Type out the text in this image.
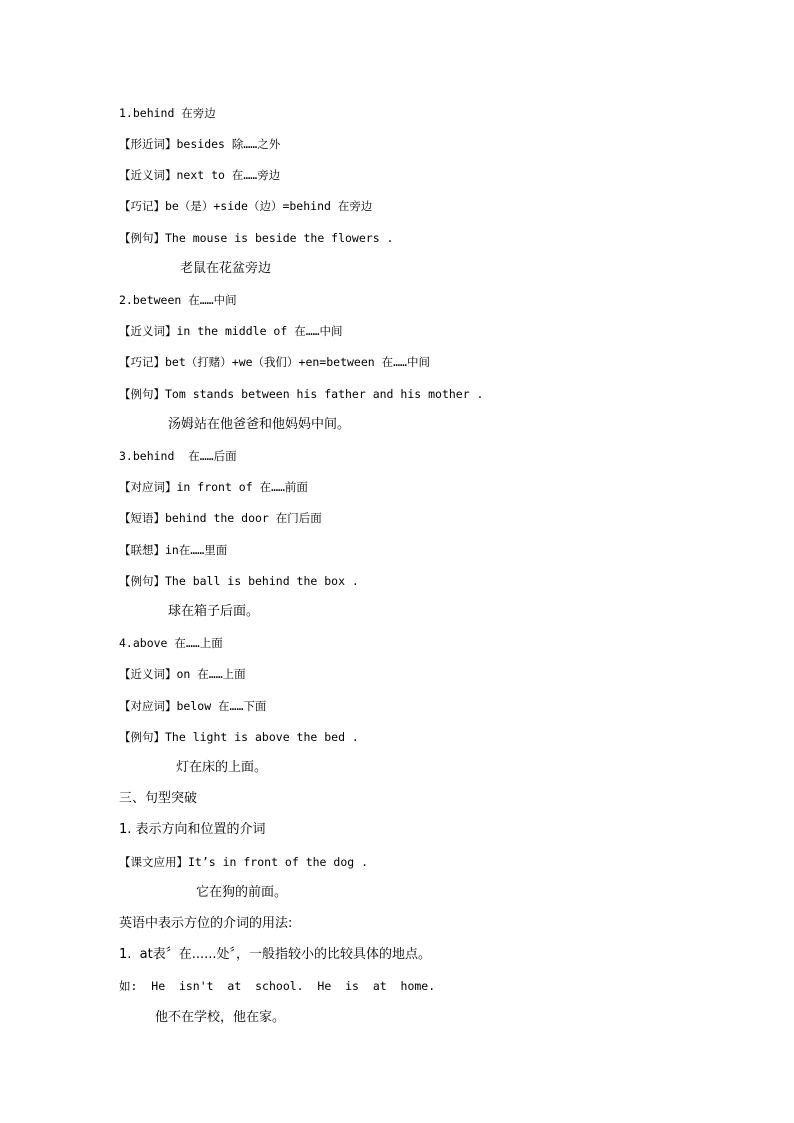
1.behind 在旁边
【形近词】besides 除……之外
【近义词】next to 在……旁边
【巧记】be（是）+side（边）=behind 在旁边
【例句】The mouse is beside the flowers .
老鼠在花盆旁边
2.between 在……中间
【近义词】in the middle of 在……中间
【巧记】bet（打赌）+we（我们）+en=between 在……中间
【例句】Tom stands between his father and his mother .
汤姆站在他爸爸和他妈妈中间。
3.behind  在……后面
【对应词】in front of 在……前面
【短语】behind the door 在门后面
【联想】in在……里面
【例句】The ball is behind the box .
球在箱子后面。
4.above 在……上面
【近义词】on 在……上面
【对应词】below 在……下面
【例句】The light is above the bed .
灯在床的上面。
三、句型突破
1. 表示方向和位置的介词
【课文应用】It’s in front of the dog .
它在狗的前面。
英语中表示方位的介词的用法:
1.  at表〞在......处〞，一般指较小的比较具体的地点。
如:  He  isn't  at  school.  He  is  at  home.
他不在学校，他在家。
